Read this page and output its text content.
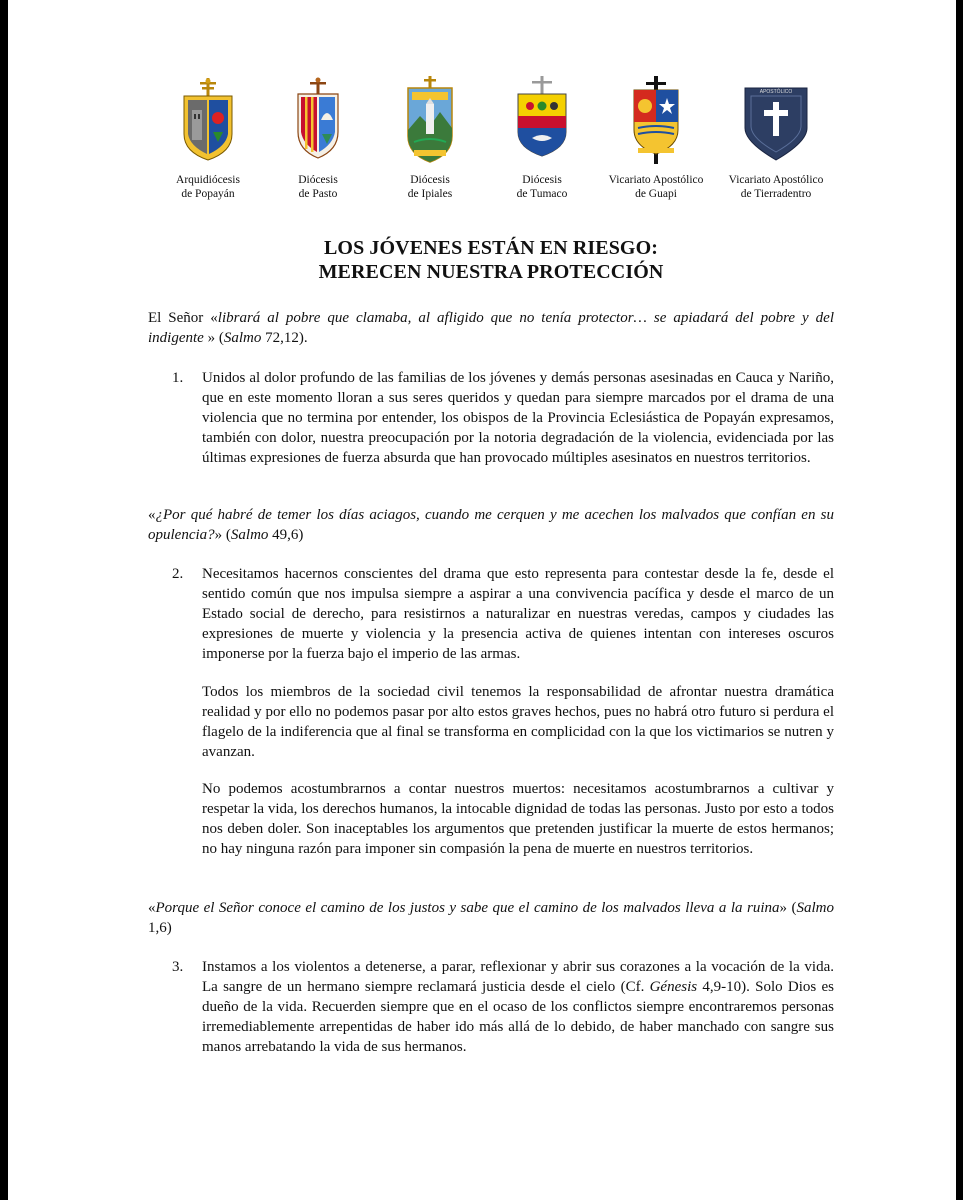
Arquidiócesis
de Popayán
Diócesis
de Pasto
Diócesis
de Ipiales
Diócesis
de Tumaco
Vicariato Apostólico
de Guapi
APOSTÓLICO
Vicariato Apostólico
de Tierradentro
LOS JÓVENES ESTÁN EN RIESGO:
MERECEN NUESTRA PROTECCIÓN
El Señor «librará al pobre que clamaba, al afligido que no tenía protector… se apiadará del pobre y del indigente » (Salmo 72,12).
1. Unidos al dolor profundo de las familias de los jóvenes y demás personas asesinadas en Cauca y Nariño, que en este momento lloran a sus seres queridos y quedan para siempre marcados por el drama de una violencia que no termina por entender, los obispos de la Provincia Eclesiástica de Popayán expresamos, también con dolor, nuestra preocupación por la notoria degradación de la violencia, evidenciada por las últimas expresiones de fuerza absurda que han provocado múltiples asesinatos en nuestros territorios.
«¿Por qué habré de temer los días aciagos, cuando me cerquen y me acechen los malvados que confían en su opulencia?» (Salmo 49,6)
2. Necesitamos hacernos conscientes del drama que esto representa para contestar desde la fe, desde el sentido común que nos impulsa siempre a aspirar a una convivencia pacífica y desde el marco de un Estado social de derecho, para resistirnos a naturalizar en nuestras veredas, campos y ciudades las expresiones de muerte y violencia y la presencia activa de quienes intentan con intereses oscuros imponerse por la fuerza bajo el imperio de las armas.
Todos los miembros de la sociedad civil tenemos la responsabilidad de afrontar nuestra dramática realidad y por ello no podemos pasar por alto estos graves hechos, pues no habrá otro futuro si perdura el flagelo de la indiferencia que al final se transforma en complicidad con la que los victimarios se nutren y avanzan.
No podemos acostumbrarnos a contar nuestros muertos: necesitamos acostumbrarnos a cultivar y respetar la vida, los derechos humanos, la intocable dignidad de todas las personas. Justo por esto a todos nos deben doler. Son inaceptables los argumentos que pretenden justificar la muerte de estos hermanos; no hay ninguna razón para imponer sin compasión la pena de muerte en nuestros territorios.
«Porque el Señor conoce el camino de los justos y sabe que el camino de los malvados lleva a la ruina» (Salmo 1,6)
3. Instamos a los violentos a detenerse, a parar, reflexionar y abrir sus corazones a la vocación de la vida. La sangre de un hermano siempre reclamará justicia desde el cielo (Cf. Génesis 4,9-10). Solo Dios es dueño de la vida. Recuerden siempre que en el ocaso de los conflictos siempre encontraremos personas irremediablemente arrepentidas de haber ido más allá de lo debido, de haber manchado con sangre sus manos arrebatando la vida de sus hermanos.
